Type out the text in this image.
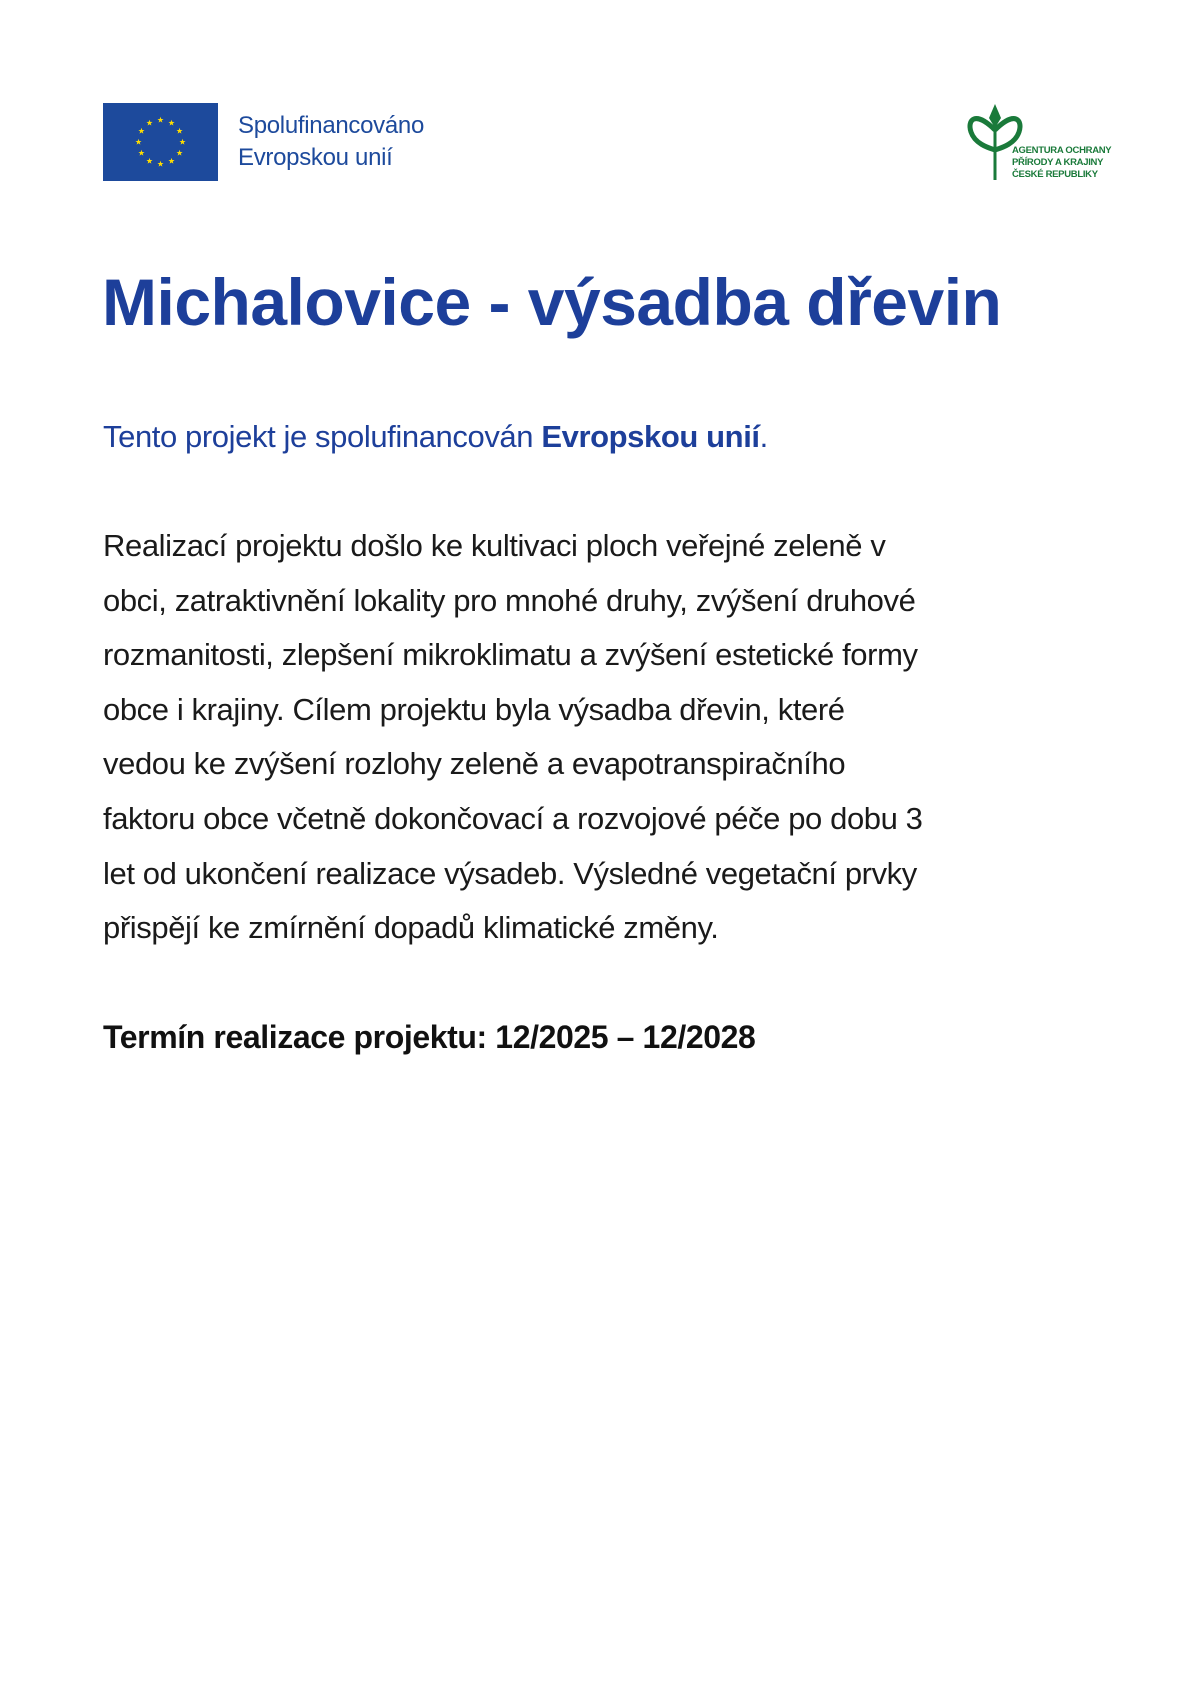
Spolufinancováno
Evropskou unií	AGENTURA OCHRANY
PŘÍRODY A KRAJINY
ČESKÉ REPUBLIKY
Michalovice - výsadba dřevin
Tento projekt je spolufinancován Evropskou unií.
Realizací projektu došlo ke kultivaci ploch veřejné zeleně v
obci, zatraktivnění lokality pro mnohé druhy, zvýšení druhové
rozmanitosti, zlepšení mikroklimatu a zvýšení estetické formy
obce i krajiny. Cílem projektu byla výsadba dřevin, které
vedou ke zvýšení rozlohy zeleně a evapotranspiračního
faktoru obce včetně dokončovací a rozvojové péče po dobu 3
let od ukončení realizace výsadeb. Výsledné vegetační prvky
přispějí ke zmírnění dopadů klimatické změny.
Termín realizace projektu: 12/2025 – 12/2028
